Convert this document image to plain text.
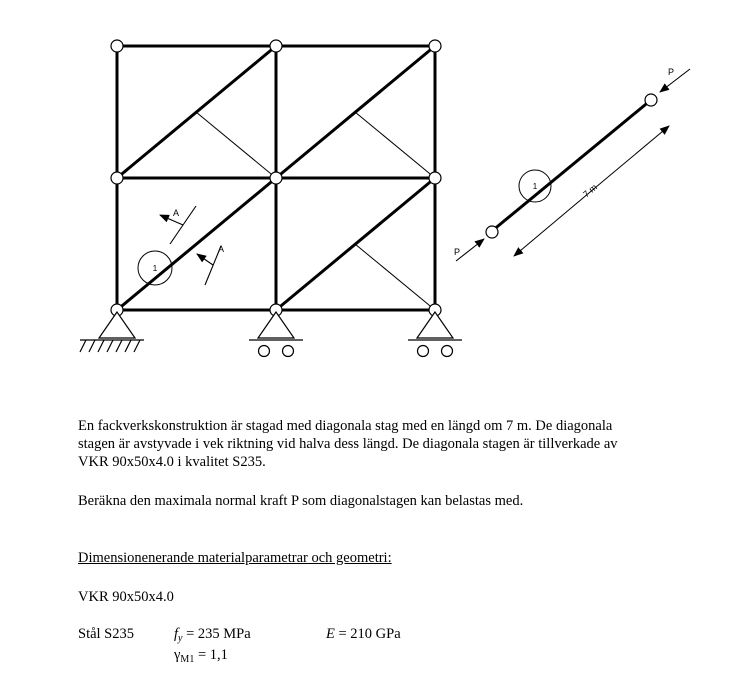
1
A
A
1
P
P
7 m
En fackverkskonstruktion är stagad med diagonala stag med en längd om 7 m. De diagonala
stagen är avstyvade i vek riktning vid halva dess längd. De diagonala stagen är tillverkade av
VKR 90x50x4.0 i kvalitet S235.
Beräkna den maximala normal kraft P som diagonalstagen kan belastas med.
Dimensionenerande materialparametrar och geometri:
VKR 90x50x4.0
Stål S235	$f_y = 235$ MPa	E = 210 GPa
$\gamma_{M1} = 1,1$
